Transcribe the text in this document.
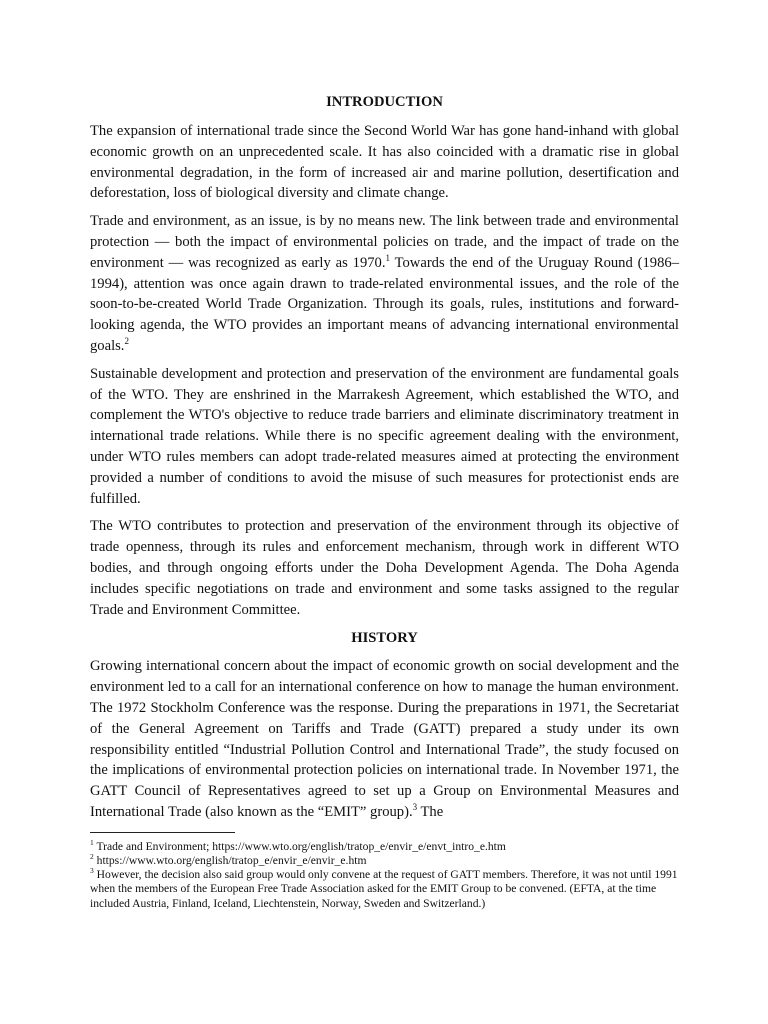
INTRODUCTION

The expansion of international trade since the Second World War has gone hand-inhand with global economic growth on an unprecedented scale. It has also coincided with a dramatic rise in global environmental degradation, in the form of increased air and marine pollution, desertification and deforestation, loss of biological diversity and climate change.

Trade and environment, as an issue, is by no means new. The link between trade and environmental protection — both the impact of environmental policies on trade, and the impact of trade on the environment — was recognized as early as 1970.$^1$ Towards the end of the Uruguay Round (1986–1994), attention was once again drawn to trade-related environmental issues, and the role of the soon-to-be-created World Trade Organization. Through its goals, rules, institutions and forward-looking agenda, the WTO provides an important means of advancing international environmental goals.$^2$

Sustainable development and protection and preservation of the environment are fundamental goals of the WTO. They are enshrined in the Marrakesh Agreement, which established the WTO, and complement the WTO's objective to reduce trade barriers and eliminate discriminatory treatment in international trade relations. While there is no specific agreement dealing with the environment, under WTO rules members can adopt trade-related measures aimed at protecting the environment provided a number of conditions to avoid the misuse of such measures for protectionist ends are fulfilled.

The WTO contributes to protection and preservation of the environment through its objective of trade openness, through its rules and enforcement mechanism, through work in different WTO bodies, and through ongoing efforts under the Doha Development Agenda. The Doha Agenda includes specific negotiations on trade and environment and some tasks assigned to the regular Trade and Environment Committee.

HISTORY

Growing international concern about the impact of economic growth on social development and the environment led to a call for an international conference on how to manage the human environment. The 1972 Stockholm Conference was the response. During the preparations in 1971, the Secretariat of the General Agreement on Tariffs and Trade (GATT) prepared a study under its own responsibility entitled “Industrial Pollution Control and International Trade”, the study focused on the implications of environmental protection policies on international trade. In November 1971, the GATT Council of Representatives agreed to set up a Group on Environmental Measures and International Trade (also known as the “EMIT” group).$^3$ The

$^1$ Trade and Environment; https://www.wto.org/english/tratop_e/envir_e/envt_intro_e.htm

$^2$ https://www.wto.org/english/tratop_e/envir_e/envir_e.htm

$^3$ However, the decision also said group would only convene at the request of GATT members. Therefore, it was not until 1991 when the members of the European Free Trade Association asked for the EMIT Group to be convened. (EFTA, at the time included Austria, Finland, Iceland, Liechtenstein, Norway, Sweden and Switzerland.)
